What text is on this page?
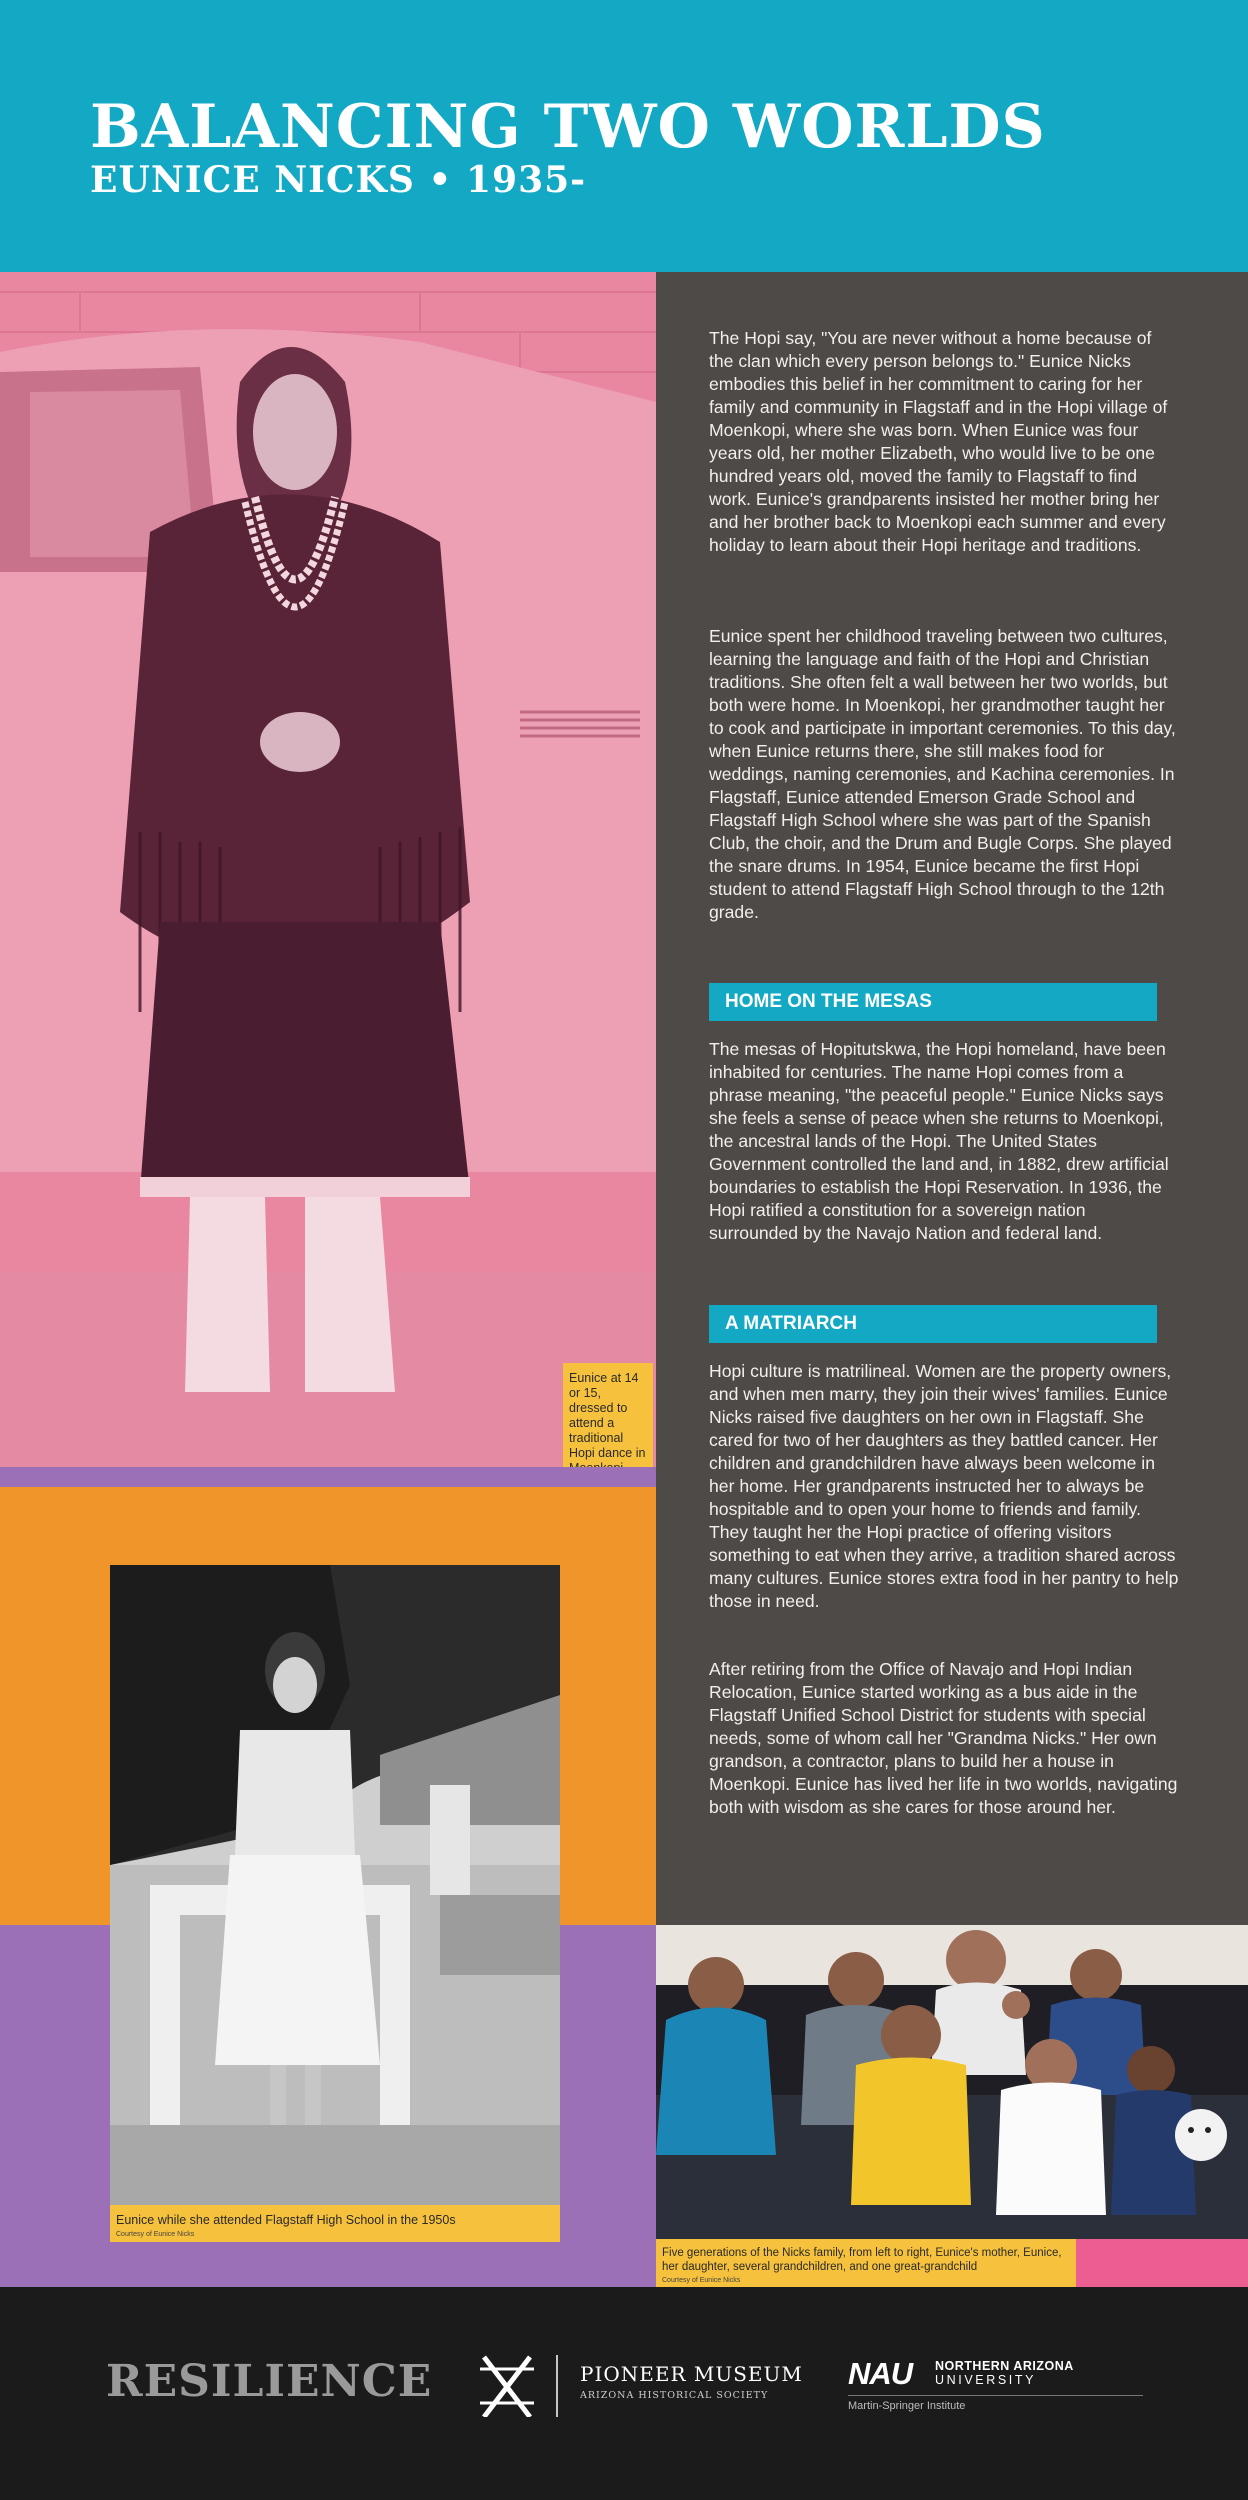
BALANCING TWO WORLDS
EUNICE NICKS • 1935-
Eunice at 14 or 15, dressed to attend a traditional Hopi dance in

The Hopi say, "You are never without a home because of the clan which every person belongs to." Eunice Nicks embodies this belief in her commitment to caring for her family and community in Flagstaff and in the Hopi village of Moenkopi, where she was born. When Eunice was four years old, her mother Elizabeth, who would live to be one hundred years old, moved the family to Flagstaff to find work. Eunice's grandparents insisted her mother bring her and her brother back to Moenkopi each summer and every holiday to learn about their Hopi heritage and traditions.

Eunice spent her childhood traveling between two cultures, learning the language and faith of the Hopi and Christian traditions. She often felt a wall between her two worlds, but both were home. In Moenkopi, her grandmother taught her to cook and participate in important ceremonies. To this day, when Eunice returns there, she still makes food for weddings, naming ceremonies, and Kachina ceremonies. In Flagstaff, Eunice attended Emerson Grade School and Flagstaff High School where she was part of the Spanish Club, the choir, and the Drum and Bugle Corps. She played the snare drums. In 1954, Eunice became the first Hopi student to attend Flagstaff High School through to the 12th grade.

HOME ON THE MESAS

The mesas of Hopitutskwa, the Hopi homeland, have been inhabited for centuries. The name Hopi comes from a phrase meaning, "the peaceful people." Eunice Nicks says she feels a sense of peace when she returns to Moenkopi, the ancestral lands of the Hopi. The United States Government controlled the land and, in 1882, drew artificial boundaries to establish the Hopi Reservation. In 1936, the Hopi ratified a constitution for a sovereign nation surrounded by the Navajo Nation and federal land.

A MATRIARCH

Hopi culture is matrilineal. Women are the property owners, and when men marry, they join their wives' families. Eunice Nicks raised five daughters on her own in Flagstaff. She cared for two of her daughters as they battled cancer. Her children and grandchildren have always been welcome in her home. Her grandparents instructed her to always be hospitable and to open your home to friends and family. They taught her the Hopi practice of offering visitors something to eat when they arrive, a tradition shared across many cultures. Eunice stores extra food in her pantry to help those in need.

After retiring from the Office of Navajo and Hopi Indian Relocation, Eunice started working as a bus aide in the Flagstaff Unified School District for students with special needs, some of whom call her "Grandma Nicks." Her own grandson, a contractor, plans to build her a house in Moenkopi. Eunice has lived her life in two worlds, navigating both with wisdom as she cares for those around her.

Eunice while she attended Flagstaff High School in the 1950s
Courtesy of Eunice Nicks
Five generations of the Nicks family, from left to right, Eunice's mother, Eunice, her daughter, several grandchildren, and one great-grandchild
Courtesy of Eunice Nicks
RESILIENCE	PIONEER MUSEUM
ARIZONA HISTORICAL SOCIETY
NAU NORTHERN ARIZONA
UNIVERSITY
Martin-Springer Institute
